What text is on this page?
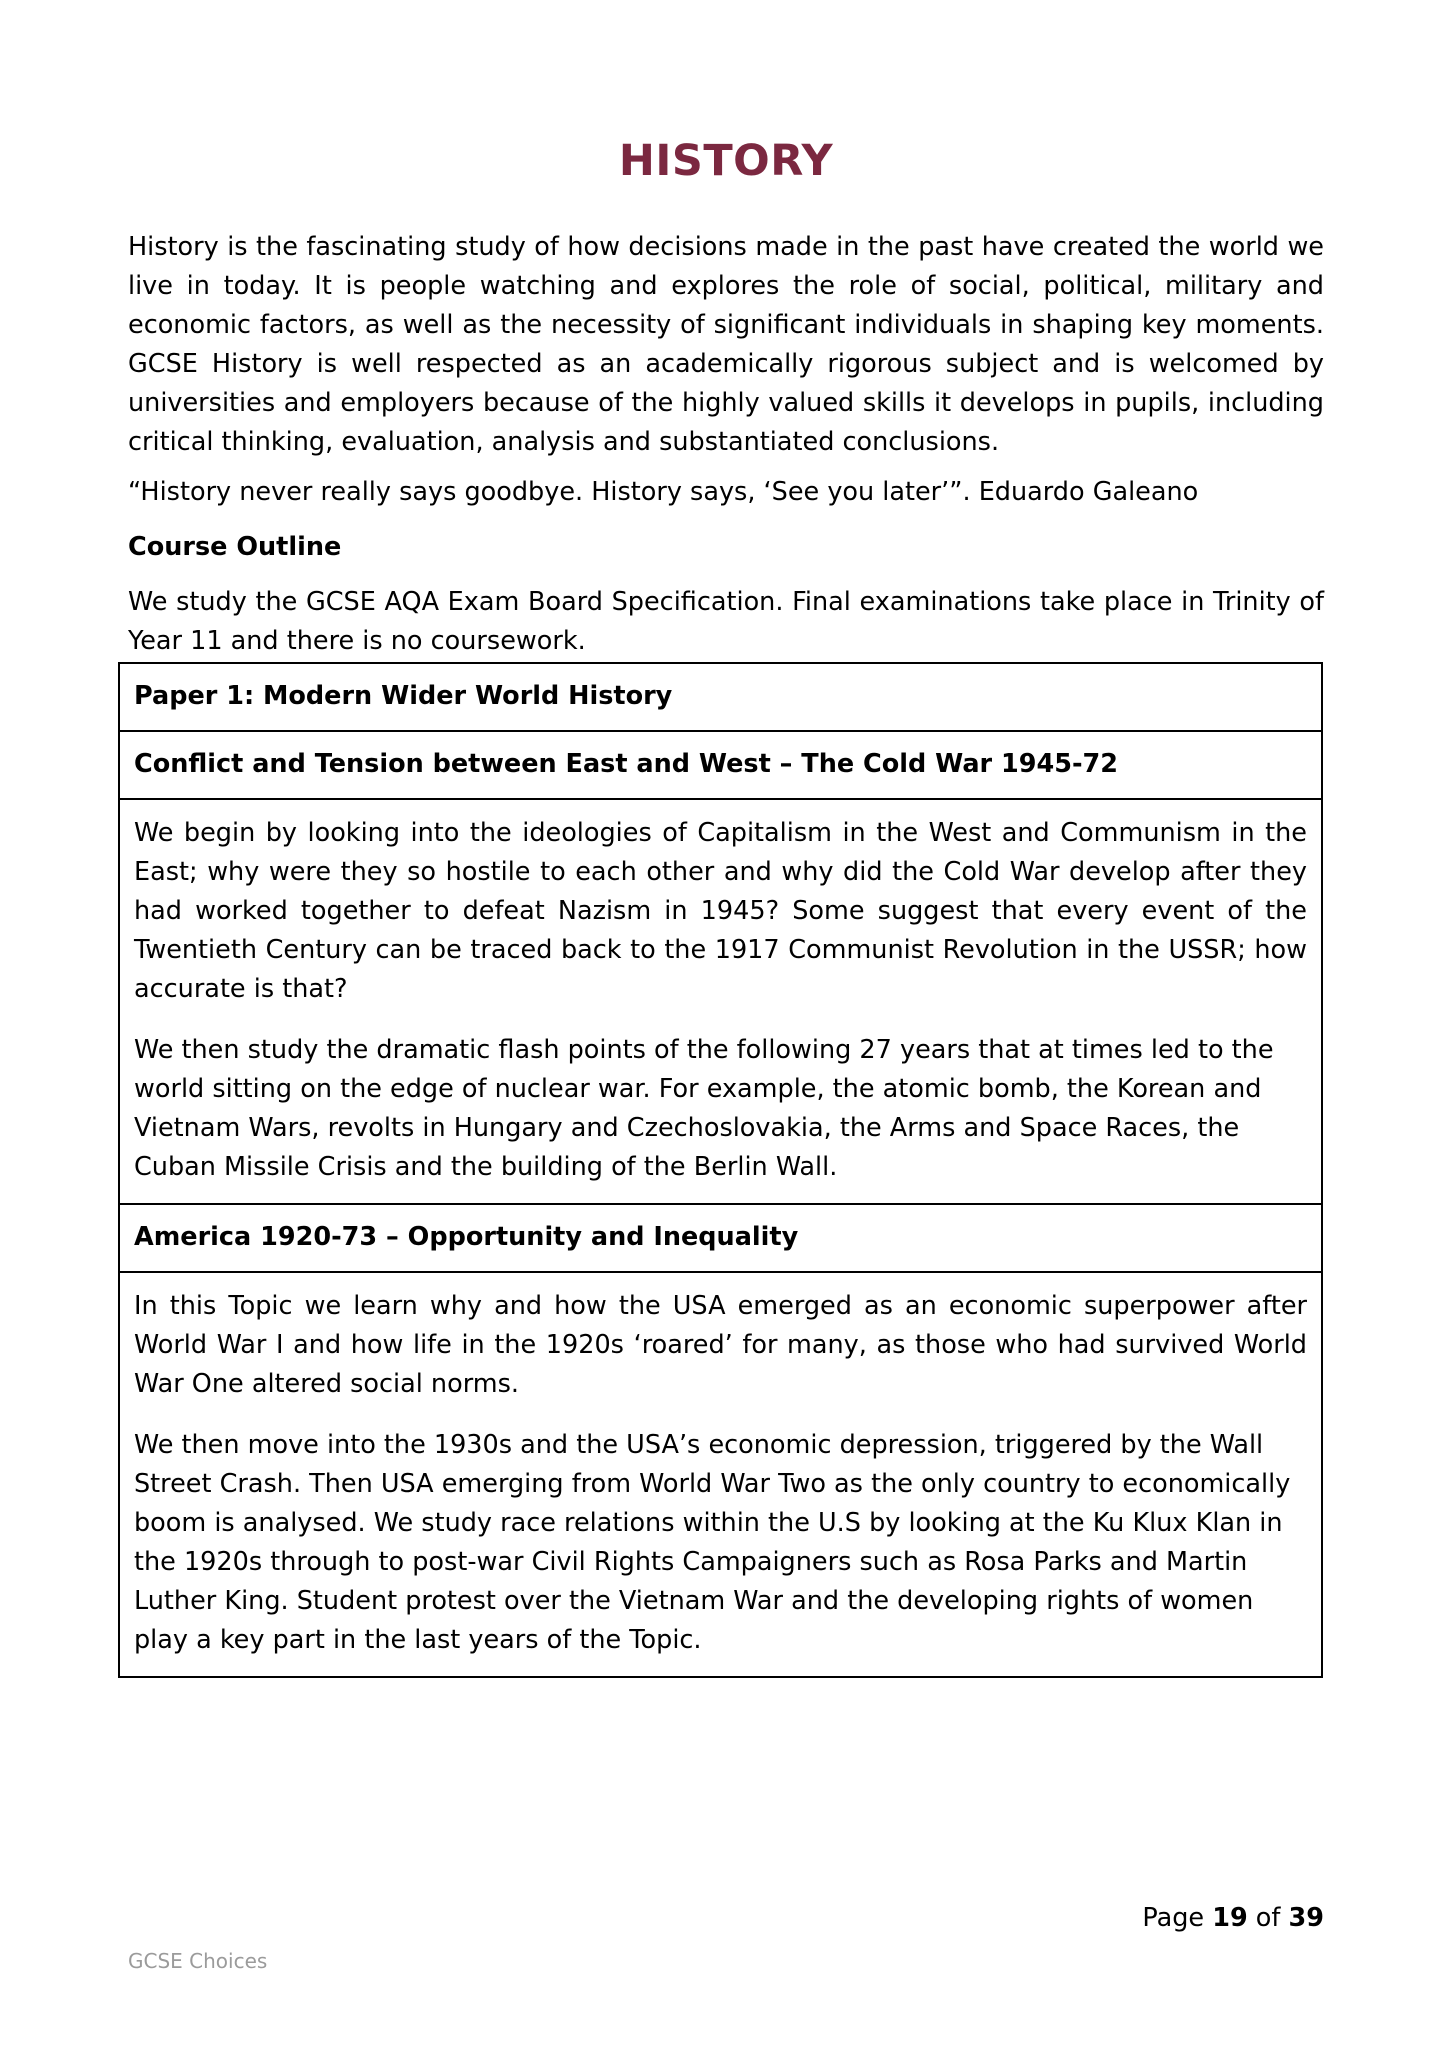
HISTORY

History is the fascinating study of how decisions made in the past have created the world we live in today. It is people watching and explores the role of social, political, military and economic factors, as well as the necessity of significant individuals in shaping key moments. GCSE History is well respected as an academically rigorous subject and is welcomed by universities and employers because of the highly valued skills it develops in pupils, including critical thinking, evaluation, analysis and substantiated conclusions.

“History never really says goodbye. History says, ‘See you later’”. Eduardo Galeano

Course Outline

We study the GCSE AQA Exam Board Specification. Final examinations take place in Trinity of Year 11 and there is no coursework.

Paper 1: Modern Wider World History

Conflict and Tension between East and West – The Cold War 1945-72

We begin by looking into the ideologies of Capitalism in the West and Communism in the East; why were they so hostile to each other and why did the Cold War develop after they had worked together to defeat Nazism in 1945? Some suggest that every event of the Twentieth Century can be traced back to the 1917 Communist Revolution in the USSR; how accurate is that?

We then study the dramatic flash points of the following 27 years that at times led to the world sitting on the edge of nuclear war. For example, the atomic bomb, the Korean and Vietnam Wars, revolts in Hungary and Czechoslovakia, the Arms and Space Races, the Cuban Missile Crisis and the building of the Berlin Wall.

America 1920-73 – Opportunity and Inequality

In this Topic we learn why and how the USA emerged as an economic superpower after World War I and how life in the 1920s ‘roared’ for many, as those who had survived World War One altered social norms.

We then move into the 1930s and the USA’s economic depression, triggered by the Wall Street Crash. Then USA emerging from World War Two as the only country to economically boom is analysed. We study race relations within the U.S by looking at the Ku Klux Klan in the 1920s through to post-war Civil Rights Campaigners such as Rosa Parks and Martin Luther King. Student protest over the Vietnam War and the developing rights of women play a key part in the last years of the Topic.

Page 19 of 39
GCSE Choices
